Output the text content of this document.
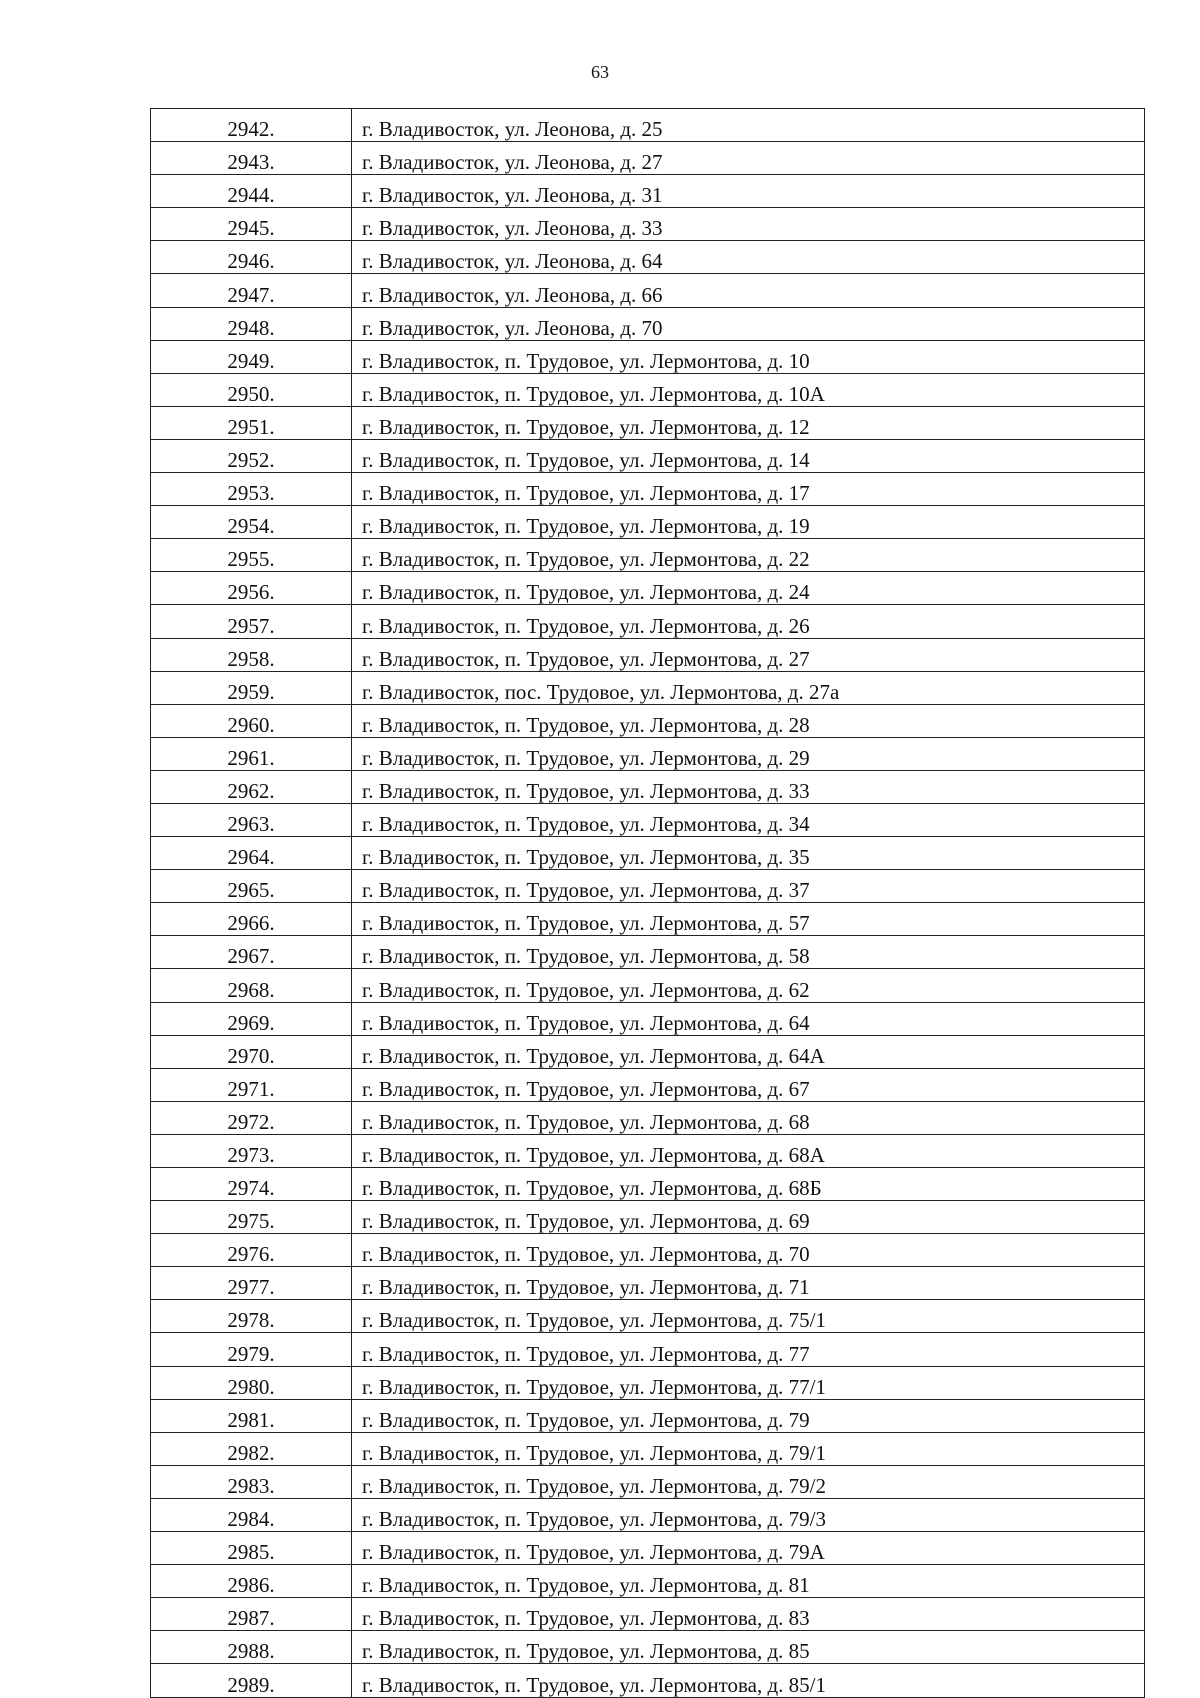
63
2942.	г. Владивосток, ул. Леонова, д. 25
2943.	г. Владивосток, ул. Леонова, д. 27
2944.	г. Владивосток, ул. Леонова, д. 31
2945.	г. Владивосток, ул. Леонова, д. 33
2946.	г. Владивосток, ул. Леонова, д. 64
2947.	г. Владивосток, ул. Леонова, д. 66
2948.	г. Владивосток, ул. Леонова, д. 70
2949.	г. Владивосток, п. Трудовое, ул. Лермонтова, д. 10
2950.	г. Владивосток, п. Трудовое, ул. Лермонтова, д. 10А
2951.	г. Владивосток, п. Трудовое, ул. Лермонтова, д. 12
2952.	г. Владивосток, п. Трудовое, ул. Лермонтова, д. 14
2953.	г. Владивосток, п. Трудовое, ул. Лермонтова, д. 17
2954.	г. Владивосток, п. Трудовое, ул. Лермонтова, д. 19
2955.	г. Владивосток, п. Трудовое, ул. Лермонтова, д. 22
2956.	г. Владивосток, п. Трудовое, ул. Лермонтова, д. 24
2957.	г. Владивосток, п. Трудовое, ул. Лермонтова, д. 26
2958.	г. Владивосток, п. Трудовое, ул. Лермонтова, д. 27
2959.	г. Владивосток, пос. Трудовое, ул. Лермонтова, д. 27а
2960.	г. Владивосток, п. Трудовое, ул. Лермонтова, д. 28
2961.	г. Владивосток, п. Трудовое, ул. Лермонтова, д. 29
2962.	г. Владивосток, п. Трудовое, ул. Лермонтова, д. 33
2963.	г. Владивосток, п. Трудовое, ул. Лермонтова, д. 34
2964.	г. Владивосток, п. Трудовое, ул. Лермонтова, д. 35
2965.	г. Владивосток, п. Трудовое, ул. Лермонтова, д. 37
2966.	г. Владивосток, п. Трудовое, ул. Лермонтова, д. 57
2967.	г. Владивосток, п. Трудовое, ул. Лермонтова, д. 58
2968.	г. Владивосток, п. Трудовое, ул. Лермонтова, д. 62
2969.	г. Владивосток, п. Трудовое, ул. Лермонтова, д. 64
2970.	г. Владивосток, п. Трудовое, ул. Лермонтова, д. 64А
2971.	г. Владивосток, п. Трудовое, ул. Лермонтова, д. 67
2972.	г. Владивосток, п. Трудовое, ул. Лермонтова, д. 68
2973.	г. Владивосток, п. Трудовое, ул. Лермонтова, д. 68А
2974.	г. Владивосток, п. Трудовое, ул. Лермонтова, д. 68Б
2975.	г. Владивосток, п. Трудовое, ул. Лермонтова, д. 69
2976.	г. Владивосток, п. Трудовое, ул. Лермонтова, д. 70
2977.	г. Владивосток, п. Трудовое, ул. Лермонтова, д. 71
2978.	г. Владивосток, п. Трудовое, ул. Лермонтова, д. 75/1
2979.	г. Владивосток, п. Трудовое, ул. Лермонтова, д. 77
2980.	г. Владивосток, п. Трудовое, ул. Лермонтова, д. 77/1
2981.	г. Владивосток, п. Трудовое, ул. Лермонтова, д. 79
2982.	г. Владивосток, п. Трудовое, ул. Лермонтова, д. 79/1
2983.	г. Владивосток, п. Трудовое, ул. Лермонтова, д. 79/2
2984.	г. Владивосток, п. Трудовое, ул. Лермонтова, д. 79/3
2985.	г. Владивосток, п. Трудовое, ул. Лермонтова, д. 79А
2986.	г. Владивосток, п. Трудовое, ул. Лермонтова, д. 81
2987.	г. Владивосток, п. Трудовое, ул. Лермонтова, д. 83
2988.	г. Владивосток, п. Трудовое, ул. Лермонтова, д. 85
2989.	г. Владивосток, п. Трудовое, ул. Лермонтова, д. 85/1
